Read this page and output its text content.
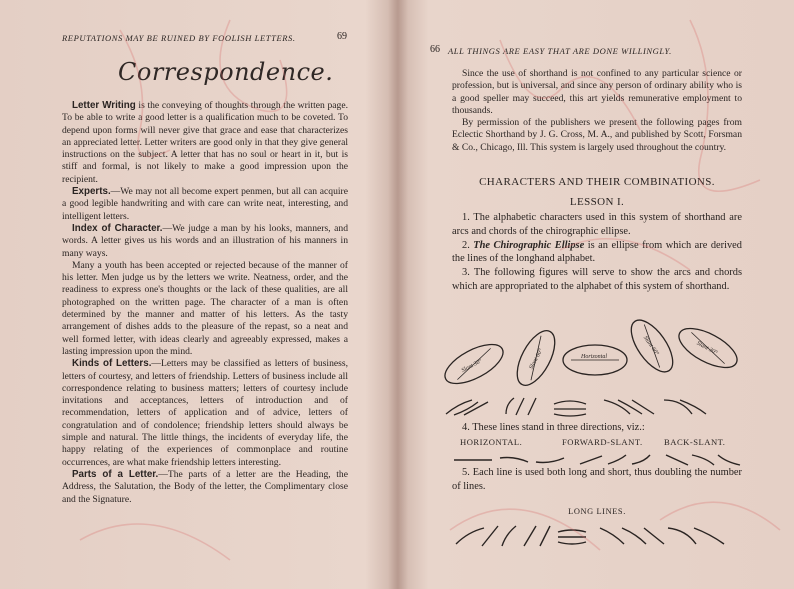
REPUTATIONS MAY BE RUINED BY FOOLISH LETTERS.	69
Correspondence.

Letter Writing is the conveying of thoughts through the written page. To be able to write a good letter is a qualification much to be coveted. To depend upon forms will never give that grace and ease that characterizes an appreciated letter. Letter writers are good only in that they give general instructions on the subject. A letter that has no soul or heart in it, but is stiff and formal, is not likely to make a good impression upon the recipient.

Experts.—We may not all become expert penmen, but all can acquire a good legible handwriting and with care can write neat, interesting, and intelligent letters.

Index of Character.—We judge a man by his looks, manners, and words. A letter gives us his words and an illustration of his manners in many ways.

Many a youth has been accepted or rejected because of the manner of his letter. Men judge us by the letters we write. Neatness, order, and the readiness to express one's thoughts or the lack of these qualities, are all photographed on the written page. The character of a man is often determined by the manner and matter of his letters. As the tasty arrangement of dishes adds to the pleasure of the repast, so a neat and well formed letter, with ideas clearly and agreeably expressed, makes a lasting impression upon the mind.

Kinds of Letters.—Letters may be classified as letters of business, letters of courtesy, and letters of friendship. Letters of business include all correspondence relating to business matters; letters of courtesy include invitations and acceptances, letters of introduction and of recommendation, letters of application and of advice, letters of congratulation and of condolence; friendship letters should always be simple and natural. The little things, the incidents of everyday life, the happy relating of the experiences of commonplace and routine occurrences, are what make friendship letters interesting.

Parts of a Letter.—The parts of a letter are the Heading, the Address, the Salutation, the Body of the letter, the Complimentary close and the Signature.

66 ALL THINGS ARE EASY THAT ARE DONE WILLINGLY.

Since the use of shorthand is not confined to any particular science or profession, but is universal, and since any person of ordinary ability who is a good speller may succeed, this art yields remunerative employment to thousands.

By permission of the publishers we present the following pages from Eclectic Shorthand by J. G. Cross, M. A., and published by Scott, Forsman & Co., Chicago, Ill. This system is largely used throughout the country.

CHARACTERS AND THEIR COMBINATIONS.
LESSON I.

1. The alphabetic characters used in this system of shorthand are arcs and chords of the chirographic ellipse.

2. The Chirographic Ellipse is an ellipse from which are derived the lines of the longhand alphabet.

3. The following figures will serve to show the arcs and chords which are appropriated to the alphabet of this system of shorthand.

Slant 30°	Slant 60°	Horizontal
Slant 60°	Slant 30°

4. These lines stand in three directions, viz.:

HORIZONTAL.	FORWARD-SLANT. BACK-SLANT.

5. Each line is used both long and short, thus doubling the number of lines.

LONG LINES.
